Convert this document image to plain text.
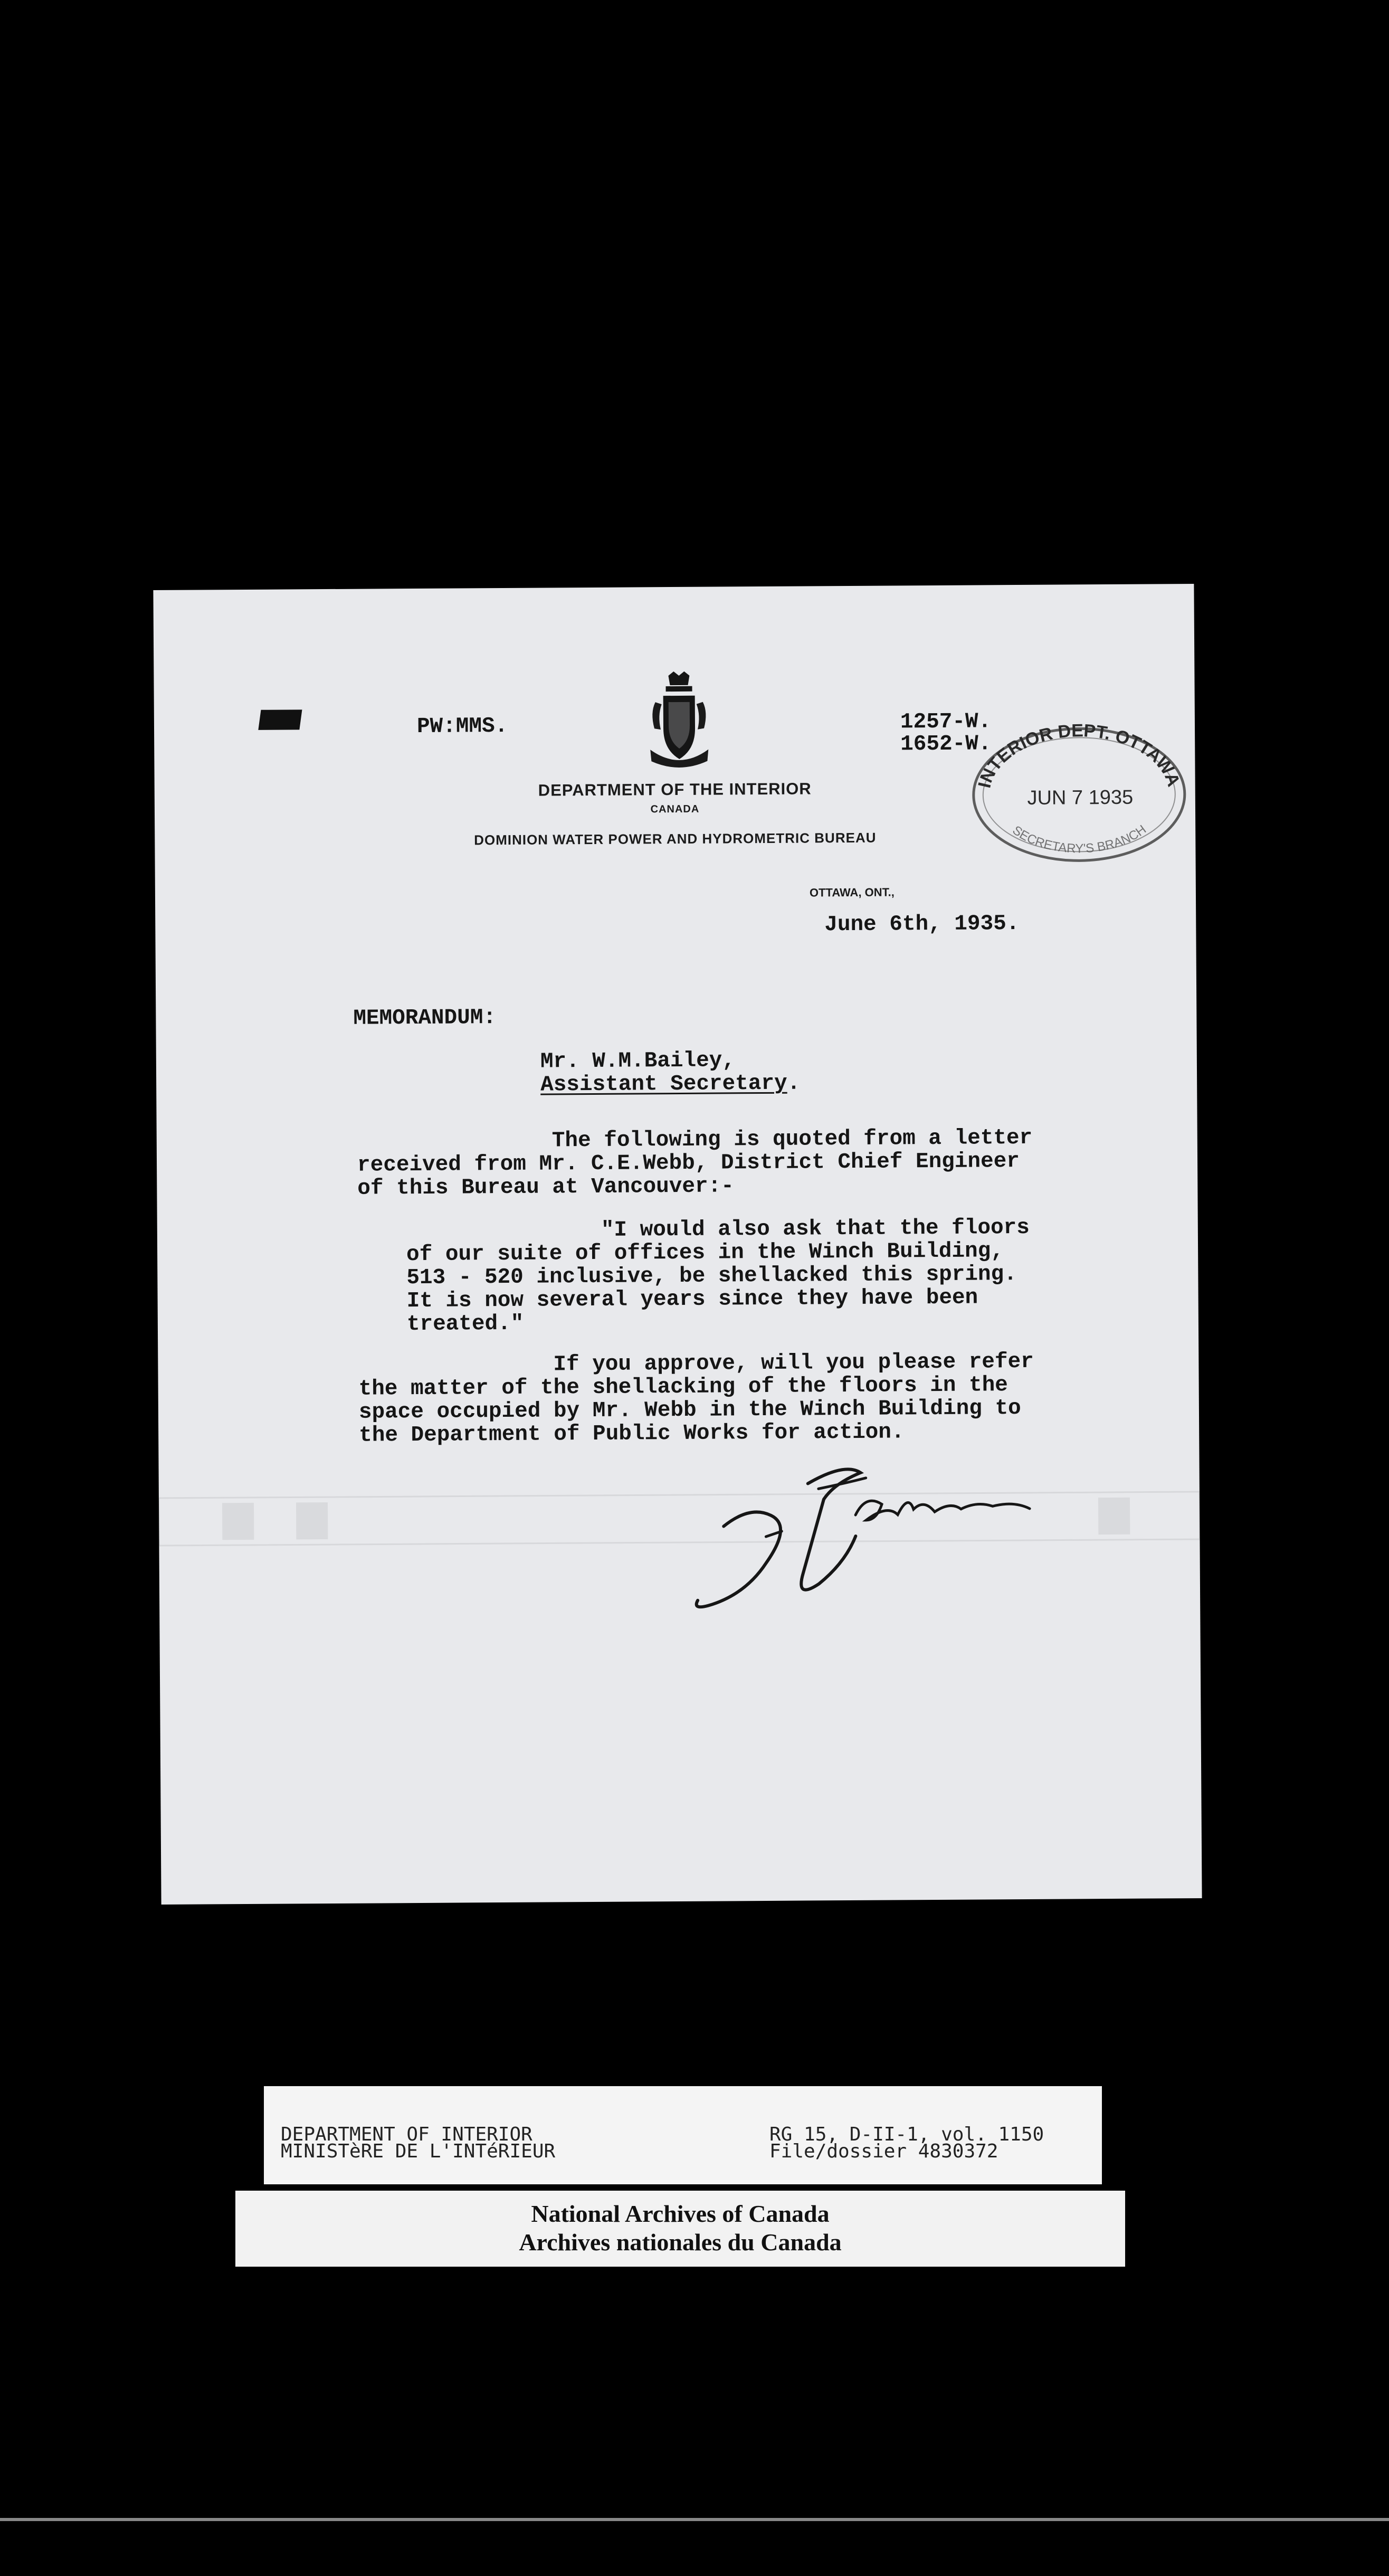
PW:MMS.	1257-W.
1652-W.
INTERIOR DEPT. OTTAWA
JUN 7 1935
SECRETARY'S BRANCH
DEPARTMENT OF THE INTERIOR
CANADA
DOMINION WATER POWER AND HYDROMETRIC BUREAU
OTTAWA, ONT.,
June 6th, 1935.
MEMORANDUM:
Mr. W.M.Bailey,
Assistant Secretary.
The following is quoted from a letter
received from Mr. C.E.Webb, District Chief Engineer
of this Bureau at Vancouver:-
"I would also ask that the floors
of our suite of offices in the Winch Building,
513 - 520 inclusive, be shellacked this spring.
It is now several years since they have been
treated."
If you approve, will you please refer
the matter of the shellacking of the floors in the
space occupied by Mr. Webb in the Winch Building to
the Department of Public Works for action.
DEPARTMENT OF INTERIOR
MINISTèRE DE L'INTéRIEUR
RG 15, D-II-1, vol. 1150
File/dossier 4830372
National Archives of Canada
Archives nationales du Canada
